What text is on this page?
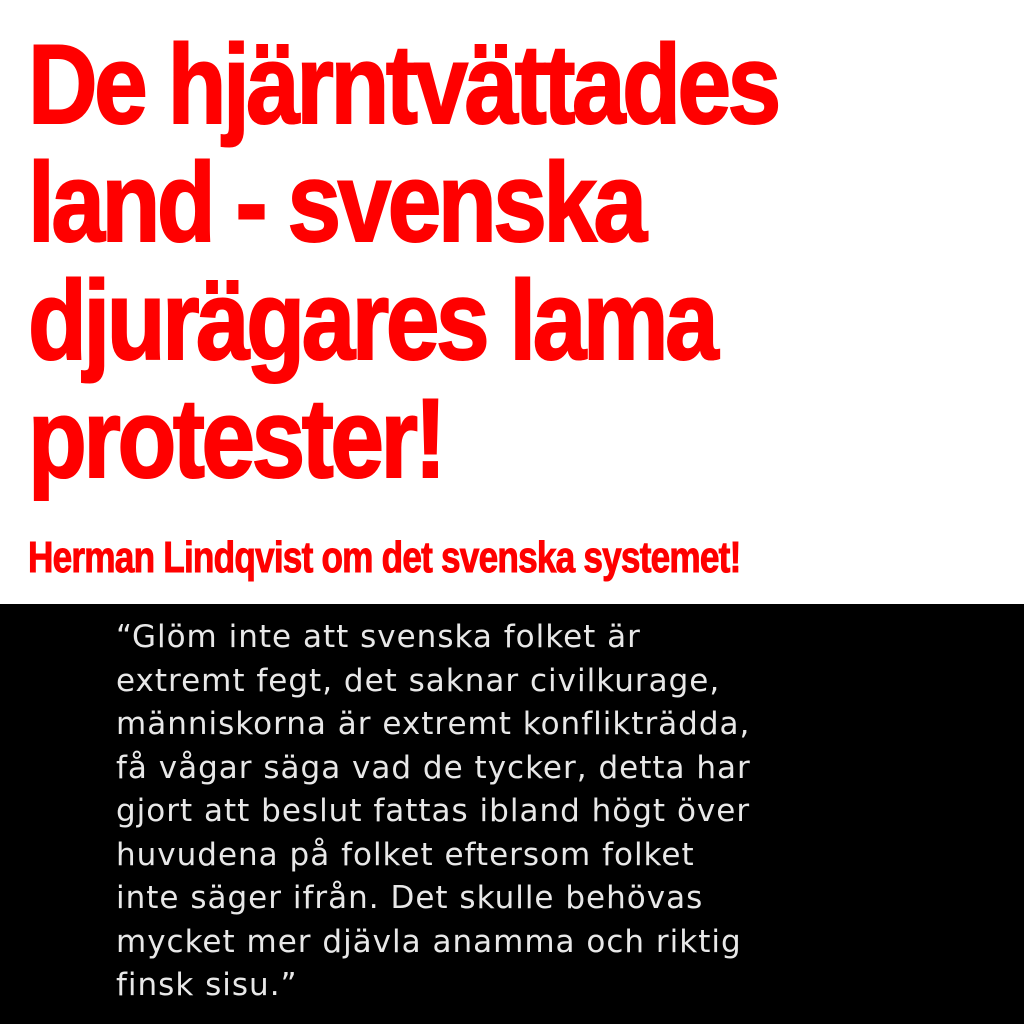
De hjärntvättades
land - svenska
djurägares lama
protester!
Herman Lindqvist om det svenska systemet!

“Glöm inte att svenska folket är
extremt fegt, det saknar civilkurage,
människorna är extremt konflikträdda,
få vågar säga vad de tycker, detta har
gjort att beslut fattas ibland högt över
huvudena på folket eftersom folket
inte säger ifrån. Det skulle behövas
mycket mer djävla anamma och riktig
finsk sisu.”
